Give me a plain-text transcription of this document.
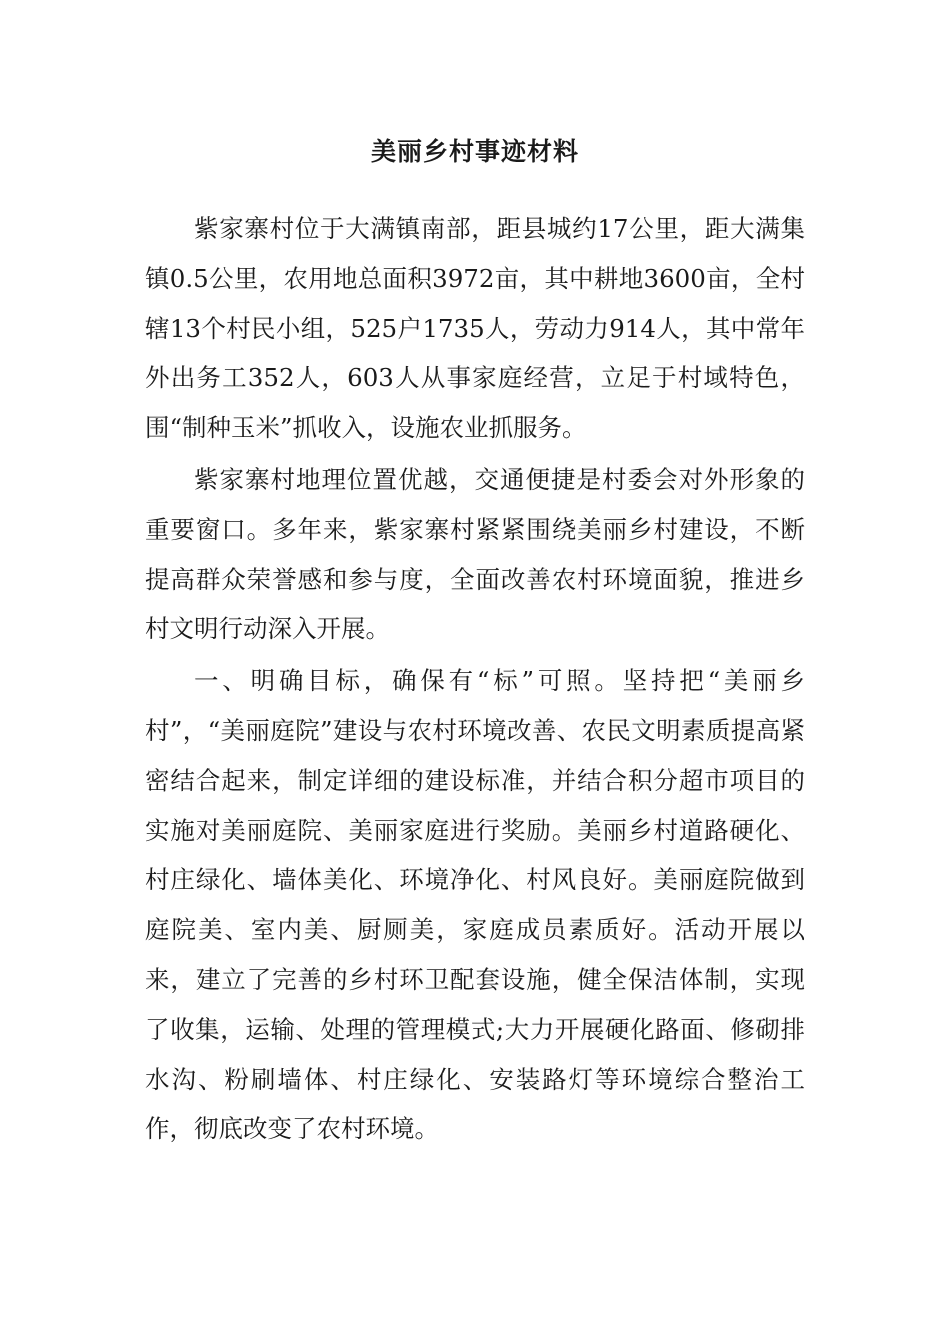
美丽乡村事迹材料

紫家寨村位于大满镇南部，距县城约17公里，距大满集镇0.5公里，农用地总面积3972亩，其中耕地3600亩，全村辖13个村民小组，525户1735人，劳动力914人，其中常年外出务工352人，603人从事家庭经营，立足于村域特色，围“制种玉米”抓收入，设施农业抓服务。

紫家寨村地理位置优越，交通便捷是村委会对外形象的重要窗口。多年来，紫家寨村紧紧围绕美丽乡村建设，不断提高群众荣誉感和参与度，全面改善农村环境面貌，推进乡村文明行动深入开展。

一、明确目标，确保有“标”可照。坚持把“美丽乡村”，“美丽庭院”建设与农村环境改善、农民文明素质提高紧密结合起来，制定详细的建设标准，并结合积分超市项目的实施对美丽庭院、美丽家庭进行奖励。美丽乡村道路硬化、村庄绿化、墙体美化、环境净化、村风良好。美丽庭院做到庭院美、室内美、厨厕美，家庭成员素质好。活动开展以来，建立了完善的乡村环卫配套设施，健全保洁体制，实现了收集，运输、处理的管理模式;大力开展硬化路面、修砌排水沟、粉刷墙体、村庄绿化、安装路灯等环境综合整治工作，彻底改变了农村环境。
